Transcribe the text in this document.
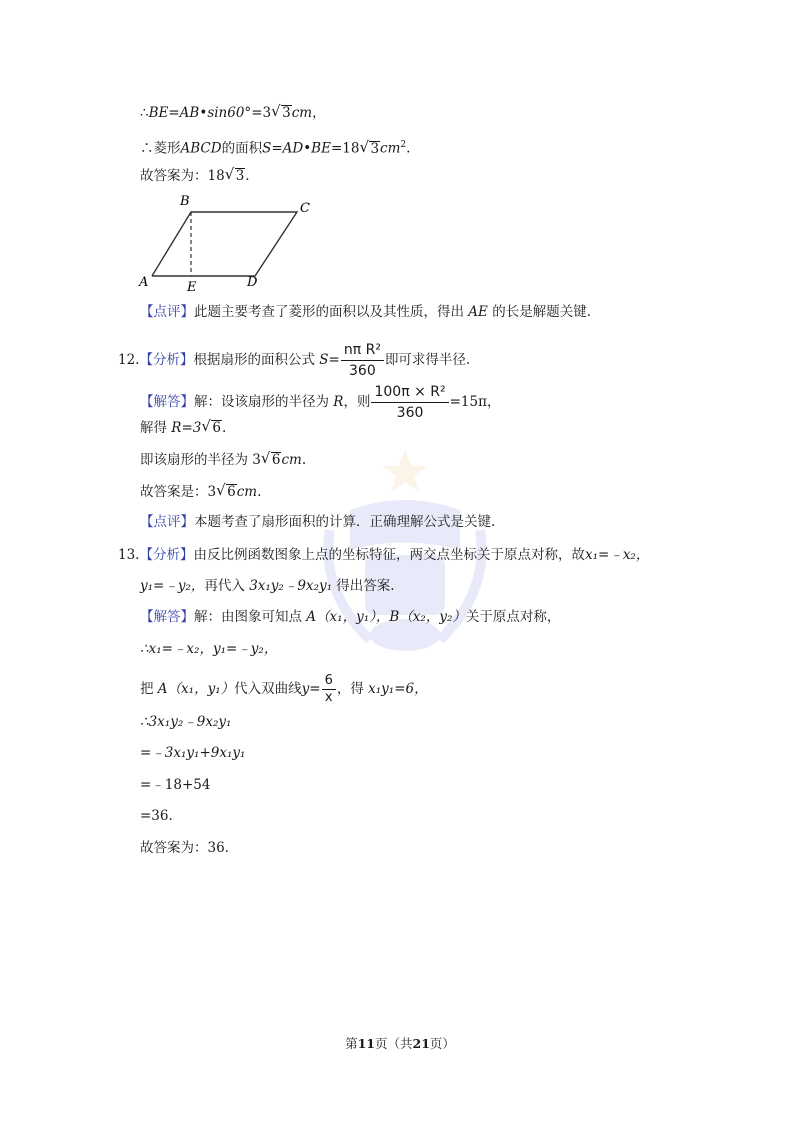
∴BE=AB•sin60°=3 √ 3cm，
∴菱形ABCD的面积S=AD•BE=18 √ $3cm^2$.
故答案为：18 √ 3.
B	C
A	E	D
【点评】此题主要考查了菱形的面积以及其性质，得出 AE 的长是解题关键.
12.【分析】根据扇形的面积公式 $S= \frac{\text{nπ R²}}{360}$ 即可求得半径.
【解答】解：设该扇形的半径为 R，则 $\frac{\text{100π × R²}}{360} =15\pi$，
解得 R=3 √ 6.
即该扇形的半径为 3 √ 6cm.
故答案是：3 √ 6cm.
【点评】本题考查了扇形面积的计算．正确理解公式是关键.
13.【分析】由反比例函数图象上点的坐标特征，两交点坐标关于原点对称，故x₁=﹣x₂，
y₁=﹣y₂，再代入 3x₁y₂﹣9x₂y₁ 得出答案.
【解答】解：由图象可知点 A（x₁，y₁），B（x₂，y₂）关于原点对称，
∴x₁=﹣x₂，y₁=﹣y₂，
把 A（x₁，y₁）代入双曲线$y= \frac{6}{x}$ ，得 x₁y₁=6，
∴3x₁y₂﹣9x₂y₁
=﹣3x₁y₁+9x₁y₁
=﹣18+54
=36.
故答案为：36.
第11页（共21页）
